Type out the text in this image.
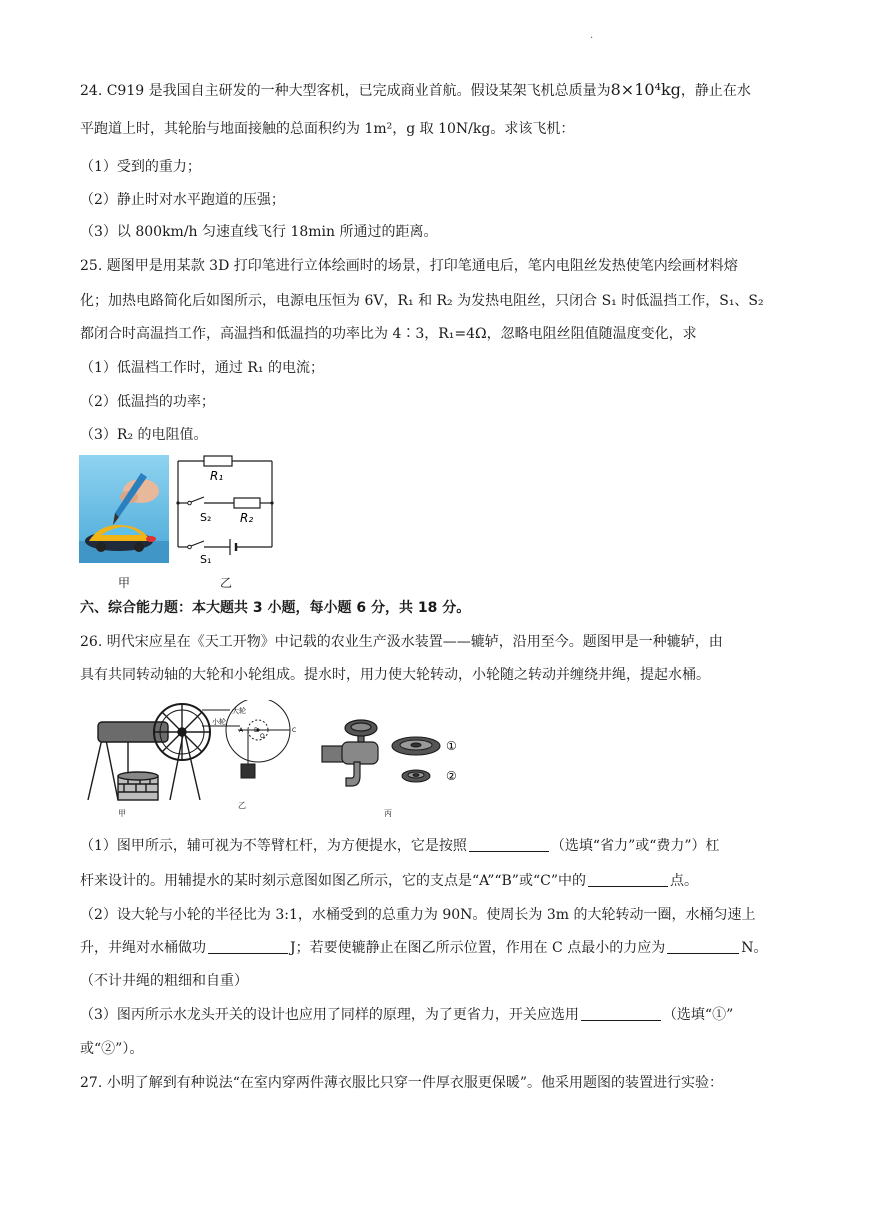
.
24. C919 是我国自主研发的一种大型客机，已完成商业首航。假设某架飞机总质量为8×10⁴kg，静止在水
平跑道上时，其轮胎与地面接触的总面积约为 1m²，g 取 10N/kg。求该飞机：
（1）受到的重力；
（2）静止时对水平跑道的压强；
（3）以 800km/h 匀速直线飞行 18min 所通过的距离。
25. 题图甲是用某款 3D 打印笔进行立体绘画时的场景，打印笔通电后，笔内电阻丝发热使笔内绘画材料熔
化；加热电路简化后如图所示，电源电压恒为 6V，R₁ 和 R₂ 为发热电阻丝，只闭合 S₁ 时低温挡工作，S₁、S₂
都闭合时高温挡工作，高温挡和低温挡的功率比为 4∶3，R₁=4Ω，忽略电阻丝阻值随温度变化，求
（1）低温档工作时，通过 R₁ 的电流；
（2）低温挡的功率；
（3）R₂ 的电阻值。
R₁
R₂
S₂
S₁
甲	乙
六、综合能力题：本大题共 3 小题，每小题 6 分，共 18 分。
26. 明代宋应星在《天工开物》中记载的农业生产汲水装置——辘轳，沿用至今。题图甲是一种辘轳，由
具有共同转动轴的大轮和小轮组成。提水时，用力使大轮转动，小轮随之转动并缠绕井绳，提起水桶。
甲
大轮
小轮
A
O
B	C
乙
①
②
丙
（1）图甲所示，辅可视为不等臂杠杆，为方便提水，它是按照	（选填“省力”或“费力”）杠
杆来设计的。用辅提水的某时刻示意图如图乙所示，它的支点是“A”“B”或“C”中的	点。
（2）设大轮与小轮的半径比为 3:1，水桶受到的总重力为 90N。使周长为 3m 的大轮转动一圈，水桶匀速上
升，井绳对水桶做功	J；若要使辘静止在图乙所示位置，作用在 C 点最小的力应为	N。
（不计井绳的粗细和自重）
（3）图丙所示水龙头开关的设计也应用了同样的原理，为了更省力，开关应选用	（选填“①”
或“②”）。
27. 小明了解到有种说法“在室内穿两件薄衣服比只穿一件厚衣服更保暖”。他采用题图的装置进行实验：
